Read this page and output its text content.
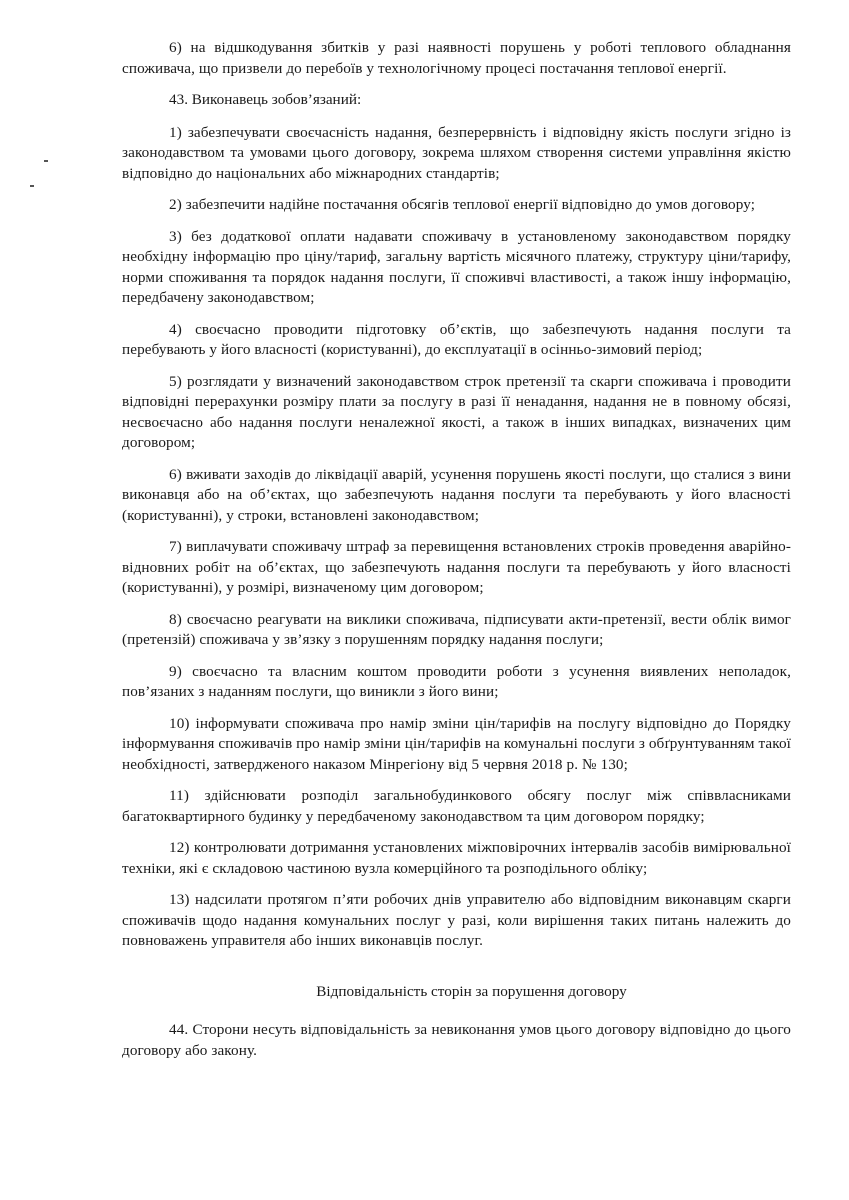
6) на відшкодування збитків у разі наявності порушень у роботі теплового обладнання споживача, що призвели до перебоїв у технологічному процесі постачання теплової енергії.

43. Виконавець зобов’язаний:

1) забезпечувати своєчасність надання, безперервність і відповідну якість послуги згідно із законодавством та умовами цього договору, зокрема шляхом створення системи управління якістю відповідно до національних або міжнародних стандартів;

2) забезпечити надійне постачання обсягів теплової енергії відповідно до умов договору;

3) без додаткової оплати надавати споживачу в установленому законодавством порядку необхідну інформацію про ціну/тариф, загальну вартість місячного платежу, структуру ціни/тарифу, норми споживання та порядок надання послуги, її споживчі властивості, а також іншу інформацію, передбачену законодавством;

4) своєчасно проводити підготовку об’єктів, що забезпечують надання послуги та перебувають у його власності (користуванні), до експлуатації в осінньо-зимовий період;

5) розглядати у визначений законодавством строк претензії та скарги споживача і проводити відповідні перерахунки розміру плати за послугу в разі її ненадання, надання не в повному обсязі, несвоєчасно або надання послуги неналежної якості, а також в інших випадках, визначених цим договором;

6) вживати заходів до ліквідації аварій, усунення порушень якості послуги, що сталися з вини виконавця або на об’єктах, що забезпечують надання послуги та перебувають у його власності (користуванні), у строки, встановлені законодавством;

7) виплачувати споживачу штраф за перевищення встановлених строків проведення аварійно-відновних робіт на об’єктах, що забезпечують надання послуги та перебувають у його власності (користуванні), у розмірі, визначеному цим договором;

8) своєчасно реагувати на виклики споживача, підписувати акти-претензії, вести облік вимог (претензій) споживача у зв’язку з порушенням порядку надання послуги;

9) своєчасно та власним коштом проводити роботи з усунення виявлених неполадок, пов’язаних з наданням послуги, що виникли з його вини;

10) інформувати споживача про намір зміни цін/тарифів на послугу відповідно до Порядку інформування споживачів про намір зміни цін/тарифів на комунальні послуги з обґрунтуванням такої необхідності, затвердженого наказом Мінрегіону від 5 червня 2018 р. № 130;

11) здійснювати розподіл загальнобудинкового обсягу послуг між співвласниками багатоквартирного будинку у передбаченому законодавством та цим договором порядку;

12) контролювати дотримання установлених міжповірочних інтервалів засобів вимірювальної техніки, які є складовою частиною вузла комерційного та розподільного обліку;

13) надсилати протягом п’яти робочих днів управителю або відповідним виконавцям скарги споживачів щодо надання комунальних послуг у разі, коли вирішення таких питань належить до повноважень управителя або інших виконавців послуг.

Відповідальність сторін за порушення договору

44. Сторони несуть відповідальність за невиконання умов цього договору відповідно до цього договору або закону.
